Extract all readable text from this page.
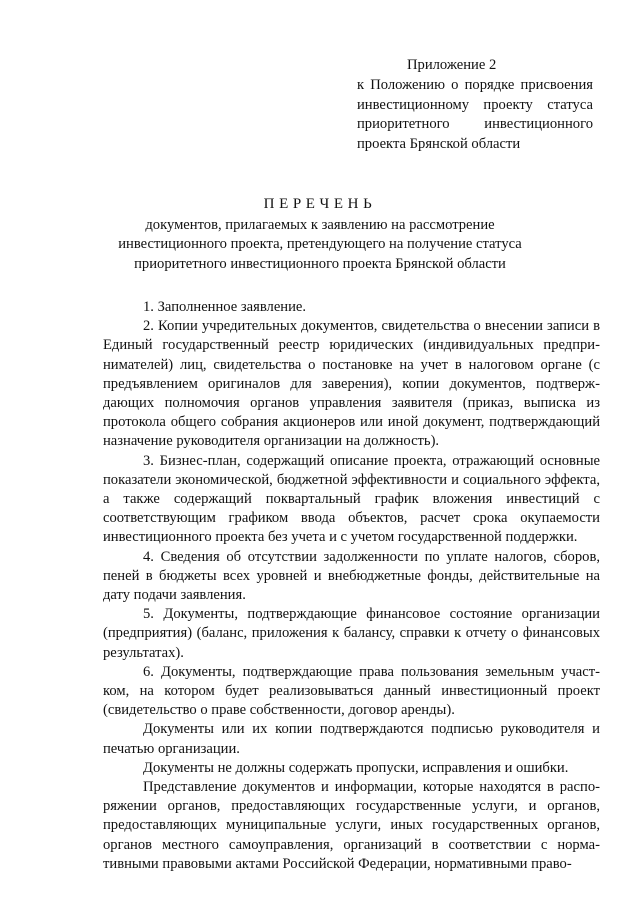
Приложение 2
к Положению о порядке присвоения инвестиционному проекту статуса приоритетного инвестиционного проекта Брянской области
ПЕРЕЧЕНЬ
документов, прилагаемых к заявлению на рассмотрение инвестиционного проекта, претендующего на получение статуса приоритетного инвестиционного проекта Брянской области

1. Заполненное заявление.

2. Копии учредительных документов, свидетельства о внесении записи в Единый государственный реестр юридических (индивидуальных предпринимателей) лиц, свидетельства о постановке на учет в налоговом органе (с предъявлением оригиналов для заверения), копии документов, подтверждающих полномочия органов управления заявителя (приказ, выписка из протокола общего собрания акционеров или иной документ, подтверждающий назначение руководителя организации на должность).

3. Бизнес-план, содержащий описание проекта, отражающий основные показатели экономической, бюджетной эффективности и социального эффекта, а также содержащий поквартальный график вложения инвестиций с соответствующим графиком ввода объектов, расчет срока окупаемости инвестиционного проекта без учета и с учетом государственной поддержки.

4. Сведения об отсутствии задолженности по уплате налогов, сборов, пеней в бюджеты всех уровней и внебюджетные фонды, действительные на дату подачи заявления.

5. Документы, подтверждающие финансовое состояние организации (предприятия) (баланс, приложения к балансу, справки к отчету о финансовых результатах).

6. Документы, подтверждающие права пользования земельным участком, на котором будет реализовываться данный инвестиционный проект (свидетельство о праве собственности, договор аренды).

Документы или их копии подтверждаются подписью руководителя и печатью организации.

Документы не должны содержать пропуски, исправления и ошибки.

Представление документов и информации, которые находятся в распоряжении органов, предоставляющих государственные услуги, и органов, предоставляющих муниципальные услуги, иных государственных органов, органов местного самоуправления, организаций в соответствии с нормативными правовыми актами Российской Федерации, нормативными право-
